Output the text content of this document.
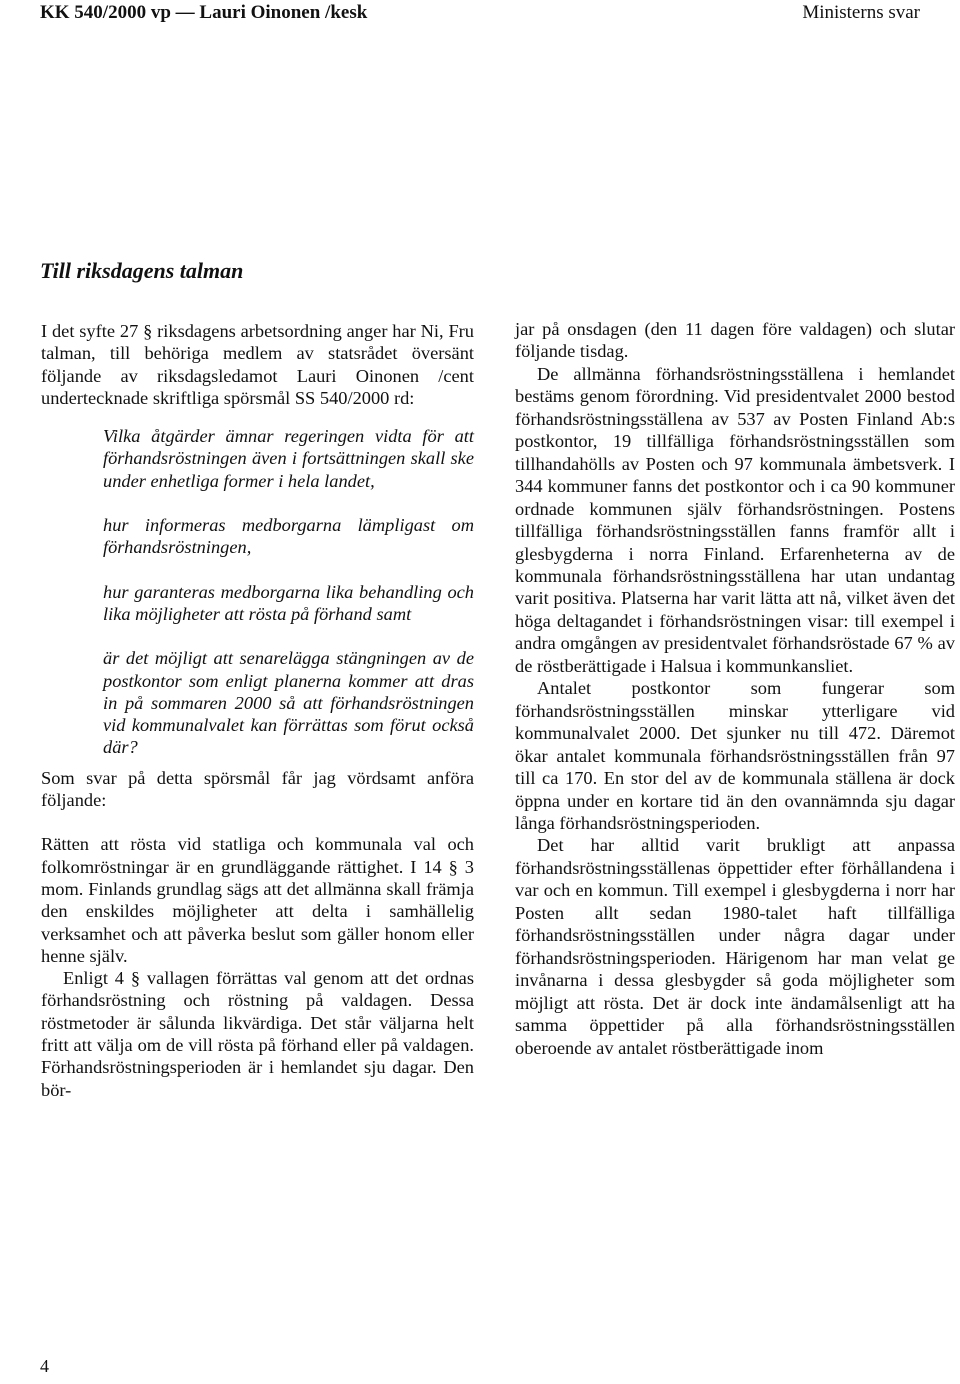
KK 540/2000 vp — Lauri Oinonen /kesk	Ministerns svar
Till riksdagens talman

I det syfte 27 § riksdagens arbetsordning anger har Ni, Fru talman, till behöriga medlem av statsrådet översänt följande av riksdagsledamot Lauri Oinonen /cent undertecknade skriftliga spörsmål SS 540/2000 rd:

Vilka åtgärder ämnar regeringen vidta för att förhandsröstningen även i fortsättningen skall ske under enhetliga former i hela landet,

hur informeras medborgarna lämpligast om förhandsröstningen,

hur garanteras medborgarna lika behandling och lika möjligheter att rösta på förhand samt

är det möjligt att senarelägga stängningen av de postkontor som enligt planerna kommer att dras in på sommaren 2000 så att förhandsröstningen vid kommunalvalet kan förrättas som förut också där?

Som svar på detta spörsmål får jag vördsamt anföra följande:

Rätten att rösta vid statliga och kommunala val och folkomröstningar är en grundläggande rättighet. I 14 § 3 mom. Finlands grundlag sägs att det allmänna skall främja den enskildes möjligheter att delta i samhällelig verksamhet och att påverka beslut som gäller honom eller henne själv.

Enligt 4 § vallagen förrättas val genom att det ordnas förhandsröstning och röstning på valdagen. Dessa röstmetoder är sålunda likvärdiga. Det står väljarna helt fritt att välja om de vill rösta på förhand eller på valdagen. Förhandsröstningsperioden är i hemlandet sju dagar. Den bör-

jar på onsdagen (den 11 dagen före valdagen) och slutar följande tisdag.

De allmänna förhandsröstningsställena i hemlandet bestäms genom förordning. Vid presidentvalet 2000 bestod förhandsröstningsställena av 537 av Posten Finland Ab:s postkontor, 19 tillfälliga förhandsröstningsställen som tillhandahölls av Posten och 97 kommunala ämbetsverk. I 344 kommuner fanns det postkontor och i ca 90 kommuner ordnade kommunen själv förhandsröstningen. Postens tillfälliga förhandsröstningsställen fanns framför allt i glesbygderna i norra Finland. Erfarenheterna av de kommunala förhandsröstningsställena har utan undantag varit positiva. Platserna har varit lätta att nå, vilket även det höga deltagandet i förhandsröstningen visar: till exempel i andra omgången av presidentvalet förhandsröstade 67 % av de röstberättigade i Halsua i kommunkansliet.

Antalet postkontor som fungerar som förhandsröstningsställen minskar ytterligare vid kommunalvalet 2000. Det sjunker nu till 472. Däremot ökar antalet kommunala förhandsröstningsställen från 97 till ca 170. En stor del av de kommunala ställena är dock öppna under en kortare tid än den ovannämnda sju dagar långa förhandsröstningsperioden.

Det har alltid varit brukligt att anpassa förhandsröstningsställenas öppettider efter förhållandena i var och en kommun. Till exempel i glesbygderna i norr har Posten allt sedan 1980-talet haft tillfälliga förhandsröstningsställen under några dagar under förhandsröstningsperioden. Härigenom har man velat ge invånarna i dessa glesbygder så goda möjligheter som möjligt att rösta. Det är dock inte ändamålsenligt att ha samma öppettider på alla förhandsröstningsställen oberoende av antalet röstberättigade inom

4
